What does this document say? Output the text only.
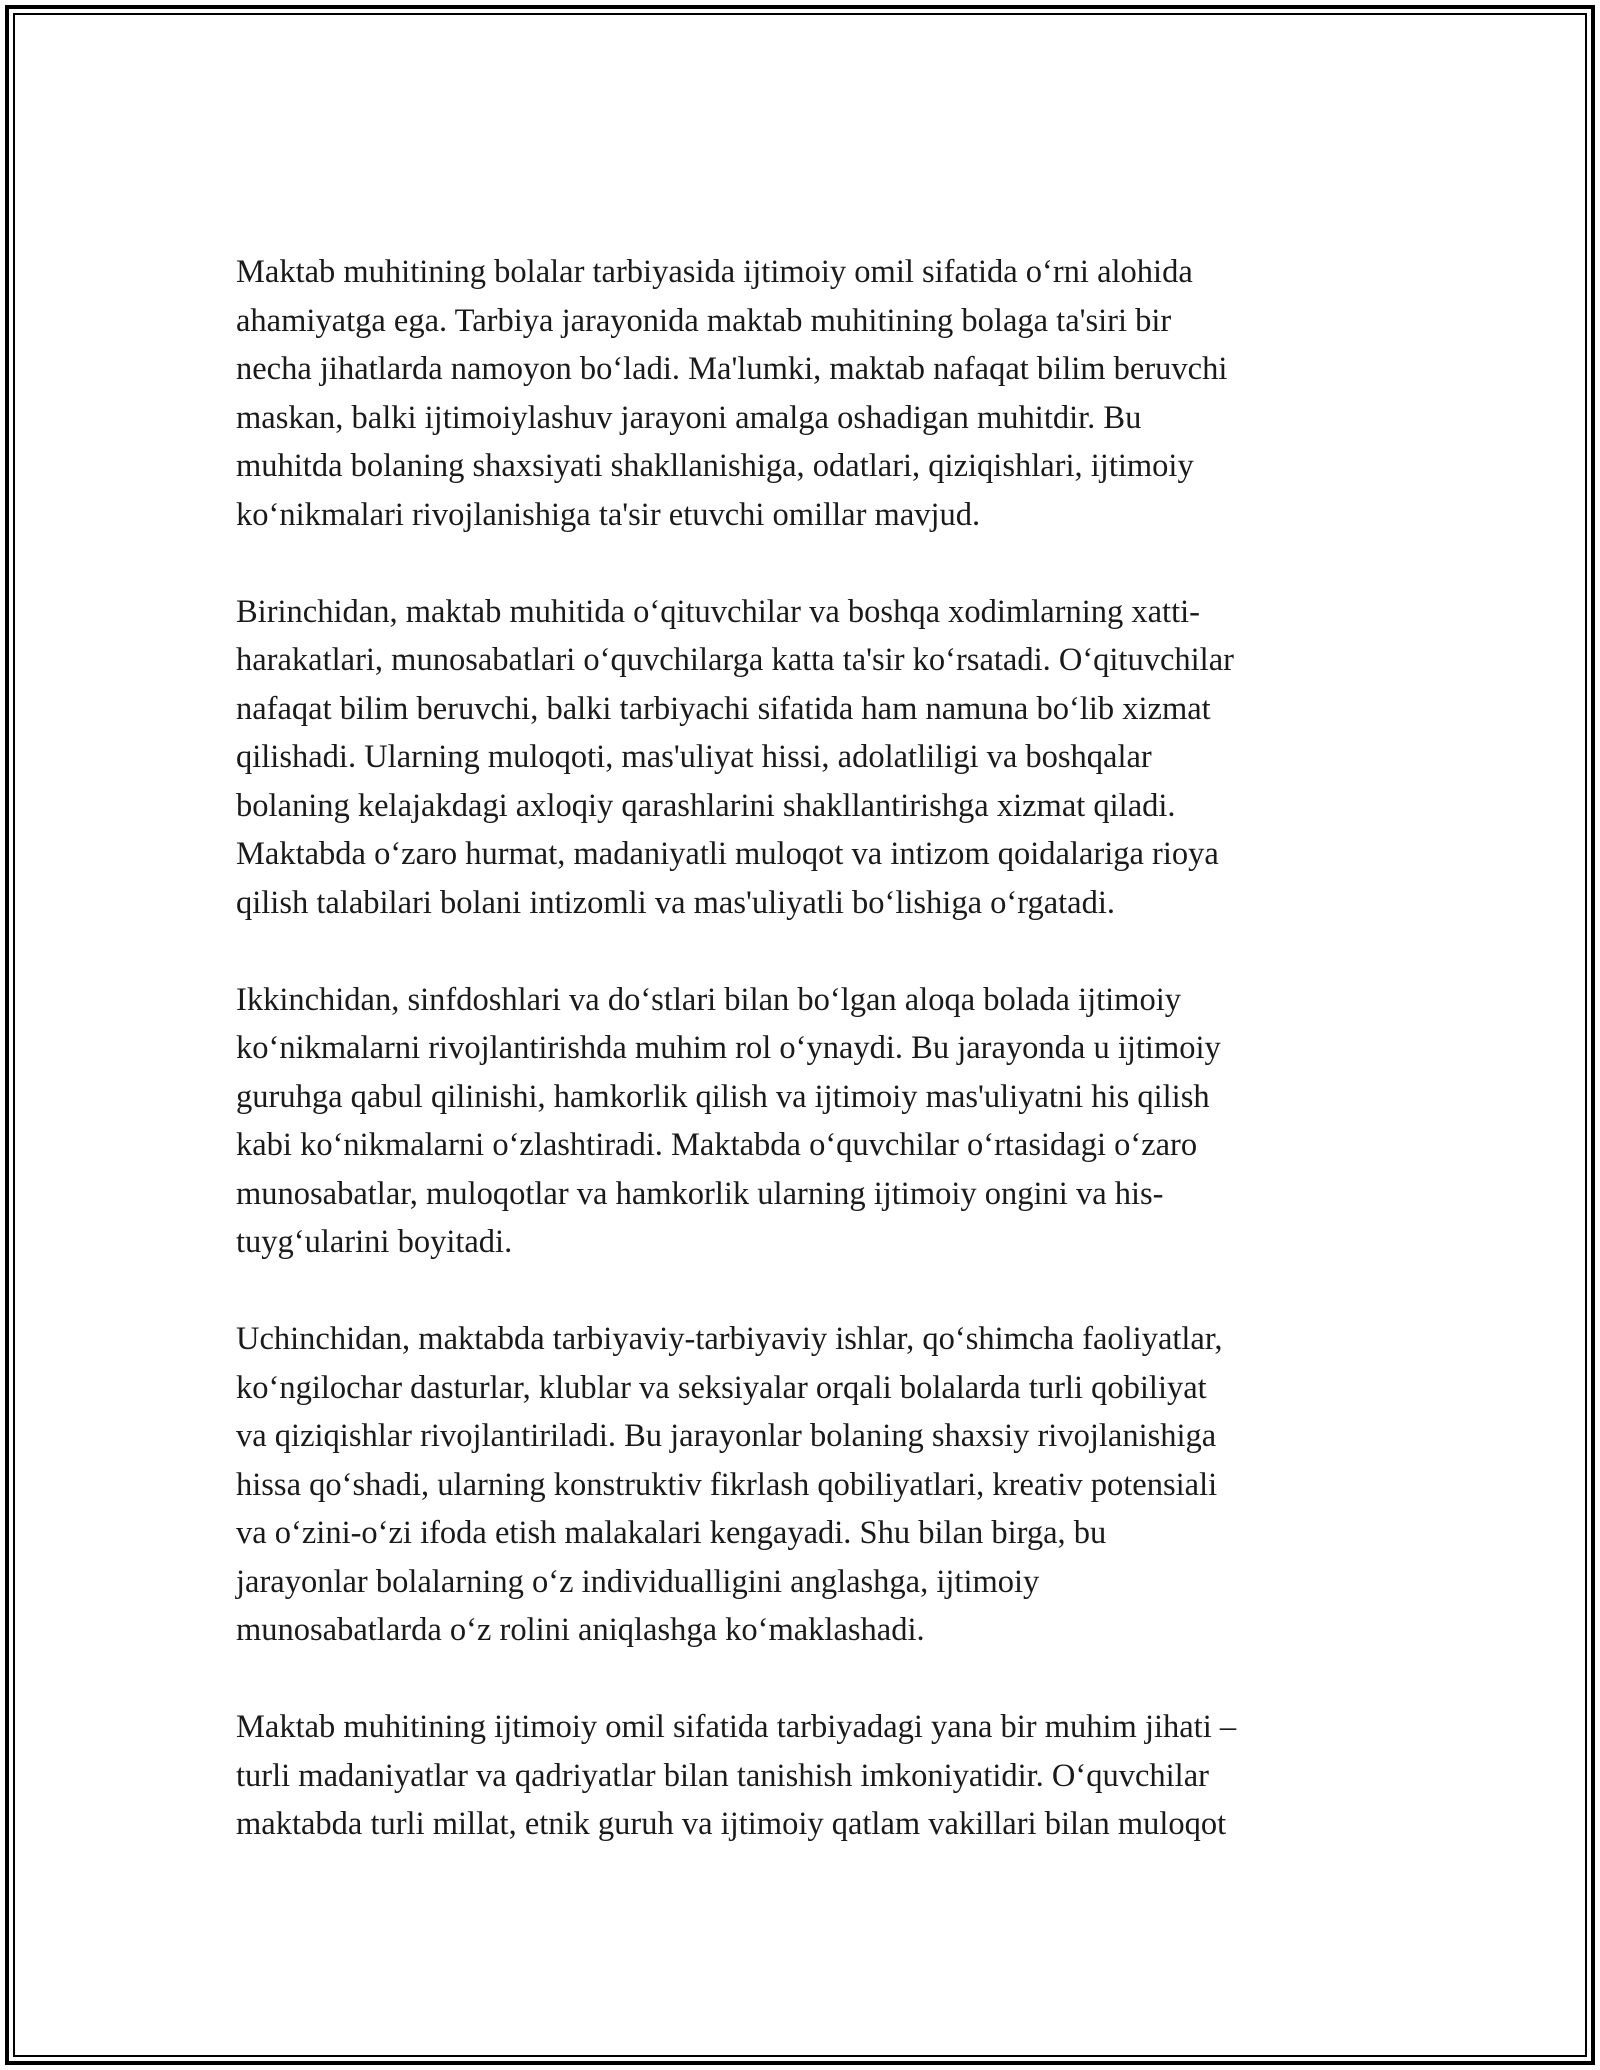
Maktab muhitining bolalar tarbiyasida ijtimoiy omil sifatida o‘rni alohida
ahamiyatga ega. Tarbiya jarayonida maktab muhitining bolaga ta'siri bir
necha jihatlarda namoyon bo‘ladi. Ma'lumki, maktab nafaqat bilim beruvchi
maskan, balki ijtimoiylashuv jarayoni amalga oshadigan muhitdir. Bu
muhitda bolaning shaxsiyati shakllanishiga, odatlari, qiziqishlari, ijtimoiy
ko‘nikmalari rivojlanishiga ta'sir etuvchi omillar mavjud.

Birinchidan, maktab muhitida o‘qituvchilar va boshqa xodimlarning xatti-
harakatlari, munosabatlari o‘quvchilarga katta ta'sir ko‘rsatadi. O‘qituvchilar
nafaqat bilim beruvchi, balki tarbiyachi sifatida ham namuna bo‘lib xizmat
qilishadi. Ularning muloqoti, mas'uliyat hissi, adolatliligi va boshqalar
bolaning kelajakdagi axloqiy qarashlarini shakllantirishga xizmat qiladi.
Maktabda o‘zaro hurmat, madaniyatli muloqot va intizom qoidalariga rioya
qilish talabilari bolani intizomli va mas'uliyatli bo‘lishiga o‘rgatadi.

Ikkinchidan, sinfdoshlari va do‘stlari bilan bo‘lgan aloqa bolada ijtimoiy
ko‘nikmalarni rivojlantirishda muhim rol o‘ynaydi. Bu jarayonda u ijtimoiy
guruhga qabul qilinishi, hamkorlik qilish va ijtimoiy mas'uliyatni his qilish
kabi ko‘nikmalarni o‘zlashtiradi. Maktabda o‘quvchilar o‘rtasidagi o‘zaro
munosabatlar, muloqotlar va hamkorlik ularning ijtimoiy ongini va his-
tuyg‘ularini boyitadi.

Uchinchidan, maktabda tarbiyaviy-tarbiyaviy ishlar, qo‘shimcha faoliyatlar,
ko‘ngilochar dasturlar, klublar va seksiyalar orqali bolalarda turli qobiliyat
va qiziqishlar rivojlantiriladi. Bu jarayonlar bolaning shaxsiy rivojlanishiga
hissa qo‘shadi, ularning konstruktiv fikrlash qobiliyatlari, kreativ potensiali
va o‘zini-o‘zi ifoda etish malakalari kengayadi. Shu bilan birga, bu
jarayonlar bolalarning o‘z individualligini anglashga, ijtimoiy
munosabatlarda o‘z rolini aniqlashga ko‘maklashadi.

Maktab muhitining ijtimoiy omil sifatida tarbiyadagi yana bir muhim jihati –
turli madaniyatlar va qadriyatlar bilan tanishish imkoniyatidir. O‘quvchilar
maktabda turli millat, etnik guruh va ijtimoiy qatlam vakillari bilan muloqot
